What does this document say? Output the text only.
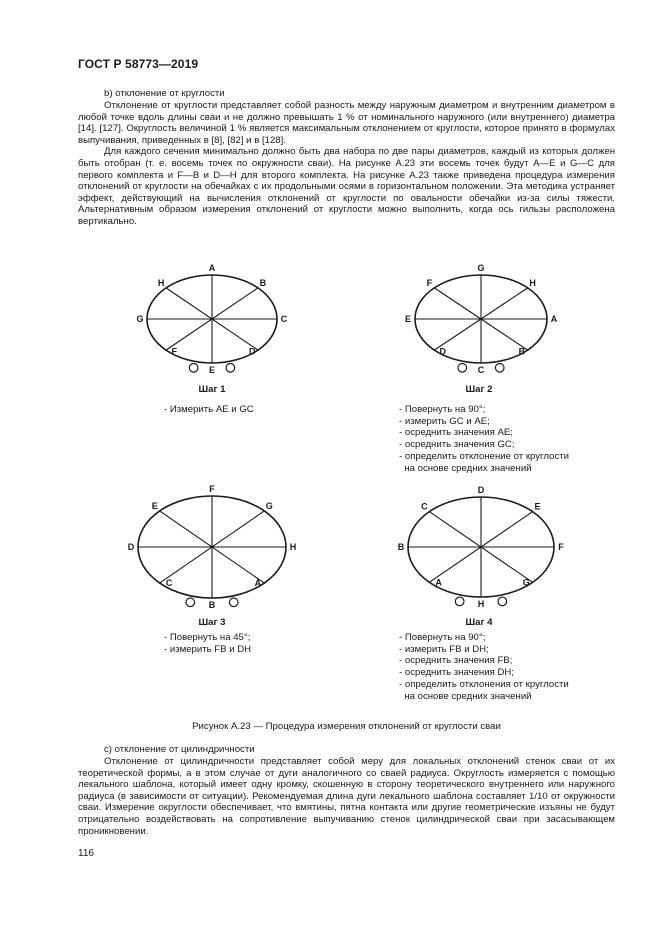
ГОСТ Р 58773—2019
b) отклонение от круглости

Отклонение от круглости представляет собой разность между наружным диаметром и внутренним диаметром в любой точке вдоль длины сваи и не должно превышать 1 % от номинального наружного (или внутреннего) диаметра [14]. [127]. Округлость величиной 1 % является максимальным отклонением от круглости, которое принято в формулах выпучивания, приведенных в [8], [82] и в [128].

Для каждого сечения минимально должно быть два набора по две пары диаметров, каждый из которых должен быть отобран (т. е. восемь точек по окружности сваи). На рисунке А.23 эти восемь точек будут А—Е и G—С для первого комплекта и F—В и D—Н для второго комплекта. На рисунке А.23 также приведена процедура измерения отклонений от круглости на обечайках с их продольными осями в горизонтальном положении. Эта методика устраняет эффект, действующий на вычисления отклонений от круглости по овальности обечайки из-за силы тяжести. Альтернативным образом измерения отклонений от круглости можно выполнить, когда ось гильзы расположена вертикально.

A
B
C
D
E
F
G
H
G
H
A
B
C
D
E
F
F
G
H
A
B
C
D
E
D
E
F
G
H
A
B
C
Шаг 1
- Измерить АЕ и GC
Шаг 2
- Повернуть на 90°;
- измерить GC и АЕ;
- осреднить значения АЕ;
- осреднить значения GC;
- определить отклонение от круглости
на основе средних значений
Шаг 3
- Повернуть на 45°;
- измерить FB и DH
Шаг 4
- Повернуть на 90°;
- измерить FB и DH;
- осреднить значения FB;
- осреднить значения DH;
- определить отклонения от круглости
на основе средних значений
Рисунок А.23 — Процедура измерения отклонений от круглости сваи
с) отклонение от цилиндричности

Отклонение от цилиндричности представляет собой меру для локальных отклонений стенок сваи от их теоретической формы, а в этом случае от дуги аналогичного со сваей радиуса. Округлость измеряется с помощью лекального шаблона, который имеет одну кромку, скошенную в сторону теоретического внутреннего или наружного радиуса (в зависимости от ситуации). Рекомендуемая длина дуги лекального шаблона составляет 1/10 от окружности сваи. Измерение округлости обеспечивает, что вмятины, пятна контакта или другие геометрические изъяны не будут отрицательно воздействовать на сопротивление выпучиванию стенок цилиндрической сваи при засасывающем проникновении.

116
